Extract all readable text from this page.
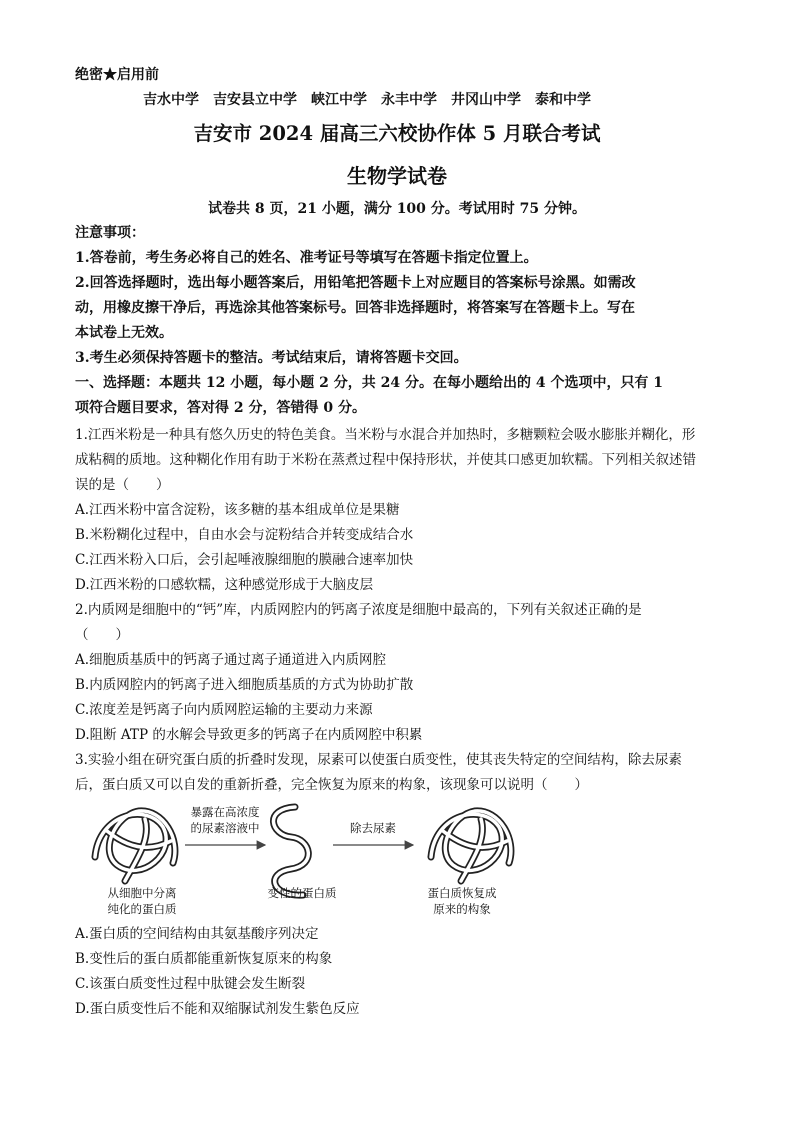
绝密★启用前
吉水中学　吉安县立中学　峡江中学　永丰中学　井冈山中学　泰和中学
吉安市 2024 届高三六校协作体 5 月联合考试
生物学试卷
试卷共 8 页，21 小题，满分 100 分。考试用时 75 分钟。
注意事项：
1.答卷前，考生务必将自己的姓名、准考证号等填写在答题卡指定位置上。
2.回答选择题时，选出每小题答案后，用铅笔把答题卡上对应题目的答案标号涂黑。如需改
动，用橡皮擦干净后，再选涂其他答案标号。回答非选择题时，将答案写在答题卡上。写在
本试卷上无效。
3.考生必须保持答题卡的整洁。考试结束后，请将答题卡交回。
一、选择题：本题共 12 小题，每小题 2 分，共 24 分。在每小题给出的 4 个选项中，只有 1
项符合题目要求，答对得 2 分，答错得 0 分。
1.江西米粉是一种具有悠久历史的特色美食。当米粉与水混合并加热时，多糖颗粒会吸水膨胀并糊化，形
成粘稠的质地。这种糊化作用有助于米粉在蒸煮过程中保持形状，并使其口感更加软糯。下列相关叙述错
误的是（　　）
A.江西米粉中富含淀粉，该多糖的基本组成单位是果糖
B.米粉糊化过程中，自由水会与淀粉结合并转变成结合水
C.江西米粉入口后，会引起唾液腺细胞的膜融合速率加快
D.江西米粉的口感软糯，这种感觉形成于大脑皮层
2.内质网是细胞中的“钙”库，内质网腔内的钙离子浓度是细胞中最高的，下列有关叙述正确的是
（　　）
A.细胞质基质中的钙离子通过离子通道进入内质网腔
B.内质网腔内的钙离子进入细胞质基质的方式为协助扩散
C.浓度差是钙离子向内质网腔运输的主要动力来源
D.阻断 ATP 的水解会导致更多的钙离子在内质网腔中积累
3.实验小组在研究蛋白质的折叠时发现，尿素可以使蛋白质变性，使其丧失特定的空间结构，除去尿素
后，蛋白质又可以自发的重新折叠，完全恢复为原来的构象，该现象可以说明（　　）
暴露在高浓度
的尿素溶液中	除去尿素
从细胞中分离
纯化的蛋白质
变性的蛋白质	蛋白质恢复成
原来的构象
A.蛋白质的空间结构由其氨基酸序列决定
B.变性后的蛋白质都能重新恢复原来的构象
C.该蛋白质变性过程中肽键会发生断裂
D.蛋白质变性后不能和双缩脲试剂发生紫色反应
